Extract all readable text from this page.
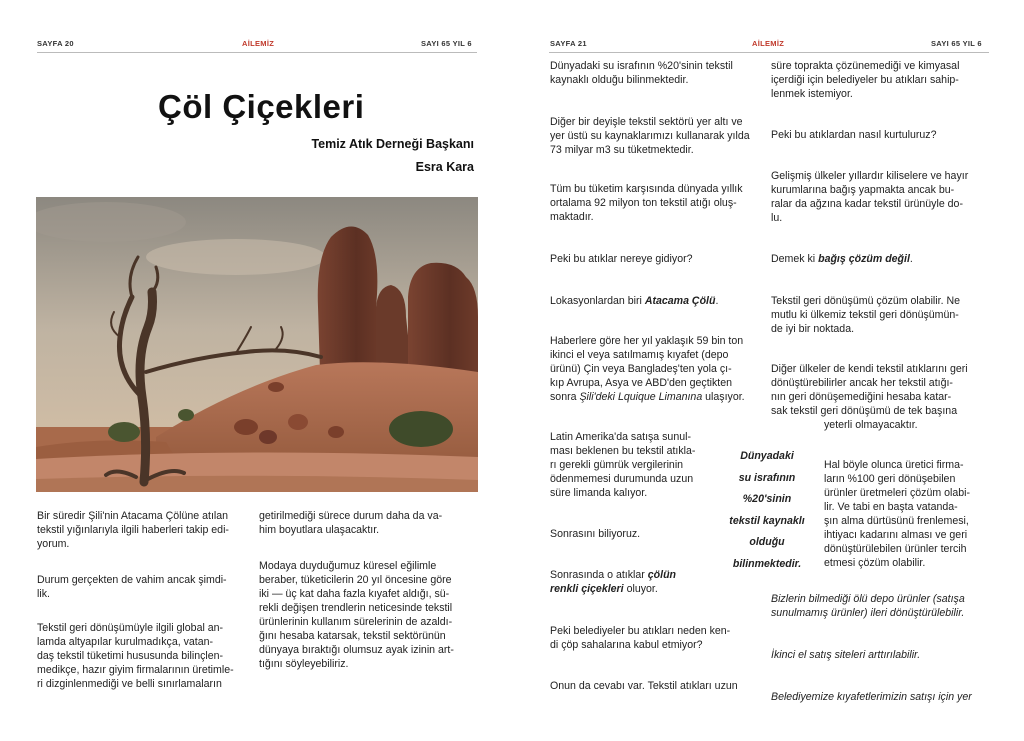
SAYFA 20	AİLEMİZ	SAYI 65 YIL 6
Çöl Çiçekleri
Temiz Atık Derneği Başkanı
Esra Kara
Bir süredir Şili'nin Atacama Çölüne atılan
tekstil yığınlarıyla ilgili haberleri takip edi-
yorum.
Durum gerçekten de vahim ancak şimdi-
lik.
Tekstil geri dönüşümüyle ilgili global an-
lamda altyapılar kurulmadıkça, vatan-
daş tekstil tüketimi hususunda bilinçlen-
medikçe, hazır giyim firmalarının üretimle-
ri dizginlenmediği ve belli sınırlamaların
getirilmediği sürece durum daha da va-
him boyutlara ulaşacaktır.
Modaya duyduğumuz küresel eğilimle
beraber, tüketicilerin 20 yıl öncesine göre
iki — üç kat daha fazla kıyafet aldığı, sü-
rekli değişen trendlerin neticesinde tekstil
ürünlerinin kullanım sürelerinin de azaldı-
ğını hesaba katarsak, tekstil sektörünün
dünyaya bıraktığı olumsuz ayak izinin art-
tığını söyleyebiliriz.
SAYFA 21	AİLEMİZ	SAYI 65 YIL 6
Dünyadaki su israfının %20'sinin tekstil
kaynaklı olduğu bilinmektedir.
Diğer bir deyişle tekstil sektörü yer altı ve
yer üstü su kaynaklarımızı kullanarak yılda
73 milyar m3 su tüketmektedir.
Tüm bu tüketim karşısında dünyada yıllık
ortalama 92 milyon ton tekstil atığı oluş-
maktadır.
Peki bu atıklar nereye gidiyor?
Lokasyonlardan biri Atacama Çölü.
Haberlere göre her yıl yaklaşık 59 bin ton
ikinci el veya satılmamış kıyafet (depo
ürünü) Çin veya Bangladeş'ten yola çı-
kıp Avrupa, Asya ve ABD'den geçtikten
sonra Şili'deki Lquique Limanına ulaşıyor.
Latin Amerika'da satışa sunul-
ması beklenen bu tekstil atıkla-
rı gerekli gümrük vergilerinin
ödenmemesi durumunda uzun
süre limanda kalıyor.
Sonrasını biliyoruz.
Sonrasında o atıklar çölün
renkli çiçekleri oluyor.
Peki belediyeler bu atıkları neden ken-
di çöp sahalarına kabul etmiyor?
Onun da cevabı var. Tekstil atıkları uzun
Dünyadaki
su israfının
%20'sinin
tekstil kaynaklı
olduğu
bilinmektedir.
süre toprakta çözünemediği ve kimyasal
içerdiği için belediyeler bu atıkları sahip-
lenmek istemiyor.
Peki bu atıklardan nasıl kurtuluruz?
Gelişmiş ülkeler yıllardır kiliselere ve hayır
kurumlarına bağış yapmakta ancak bu-
ralar da ağzına kadar tekstil ürünüyle do-
lu.
Demek ki bağış çözüm değil.
Tekstil geri dönüşümü çözüm olabilir. Ne
mutlu ki ülkemiz tekstil geri dönüşümün-
de iyi bir noktada.
Diğer ülkeler de kendi tekstil atıklarını geri
dönüştürebilirler ancak her tekstil atığı-
nın geri dönüşemediğini hesaba katar-
sak tekstil geri dönüşümü de tek başına
yeterli olmayacaktır.
Hal böyle olunca üretici firma-
ların %100 geri dönüşebilen
ürünler üretmeleri çözüm olabi-
lir. Ve tabi en başta vatanda-
şın alma dürtüsünü frenlemesi,
ihtiyacı kadarını alması ve geri
dönüştürülebilen ürünler tercih
etmesi çözüm olabilir.
Bizlerin bilmediği ölü depo ürünler (satışa
sunulmamış ürünler) ileri dönüştürülebilir.
İkinci el satış siteleri arttırılabilir.
Belediyemize kıyafetlerimizin satışı için yer
